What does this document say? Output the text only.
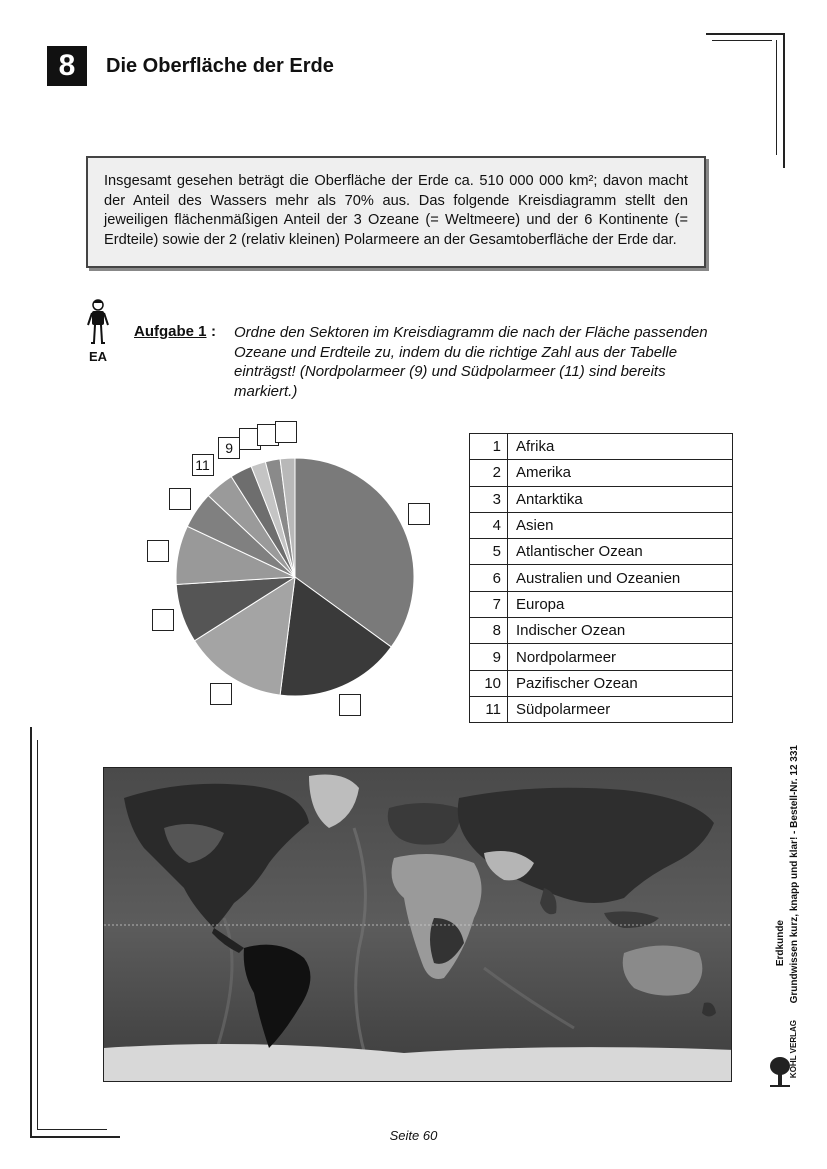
8	Die Oberfläche der Erde
Insgesamt gesehen beträgt die Oberfläche der Erde ca. 510 000 000 km²; davon macht der Anteil des Wassers mehr als 70% aus. Das folgende Kreisdiagramm stellt den jeweiligen flächenmäßigen Anteil der 3 Ozeane (= Weltmeere) und der 6 Kontinente (= Erdteile) sowie der 2 (relativ kleinen) Polarmeere an der Gesamtoberfläche der Erde dar.
EA
Aufgabe 1 : Ordne den Sektoren im Kreisdiagramm die nach der Fläche passenden Ozeane und Erdteile zu, indem du die richtige Zahl aus der Tabelle einträgst! (Nordpolarmeer (9) und Südpolarmeer (11) sind bereits markiert.)
11
9	1	Afrika
2	Amerika
3	Antarktika
4	Asien
5	Atlantischer Ozean
6	Australien und Ozeanien
7	Europa
8	Indischer Ozean
9	Nordpolarmeer
10	Pazifischer Ozean
11	Südpolarmeer
Erdkunde Grundwissen kurz, knapp und klar! - Bestell-Nr. 12 331
KOHL VERLAG
Seite 60
